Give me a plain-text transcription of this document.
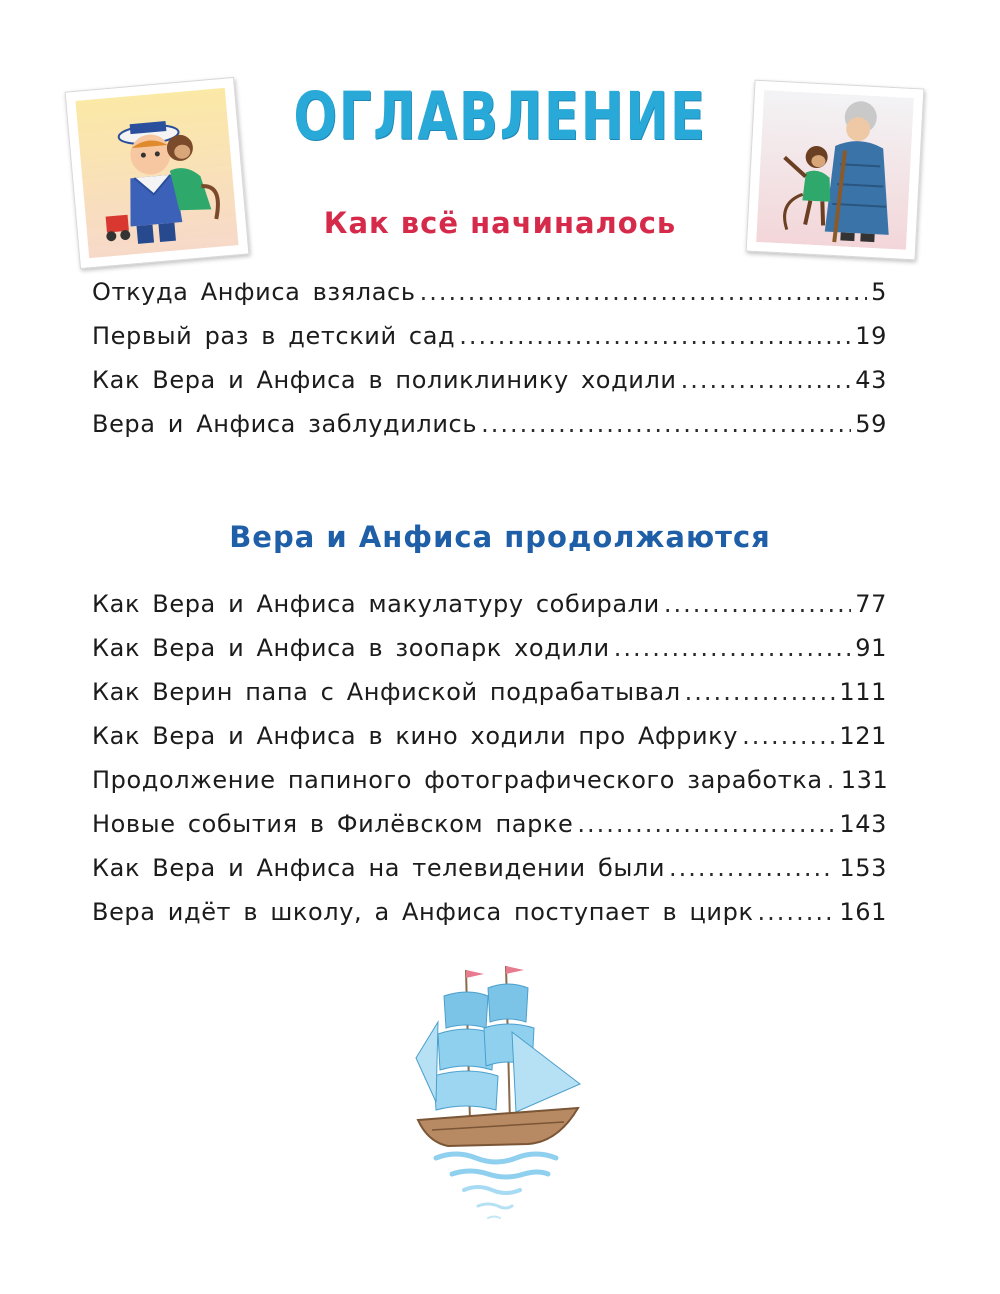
ОГЛАВЛЕНИЕ
Как всё начиналось
Откуда Анфиса взялась .....	5
Первый раз в детский сад .....	19
Как Вера и Анфиса в поликлинику ходили .....	43
Вера и Анфиса заблудились .....	59
Вера и Анфиса продолжаются
Как Вера и Анфиса макулатуру собирали .....	77
Как Вера и Анфиса в зоопарк ходили .....	91
Как Верин папа с Анфиской подрабатывал .....	111
Как Вера и Анфиса в кино ходили про Африку .....	121
Продолжение папиного фотографического заработка ..... 131
Новые события в Филёвском парке .....	143
Как Вера и Анфиса на телевидении были .....	153
Вера идёт в школу, а Анфиса поступает в цирк .....	161
